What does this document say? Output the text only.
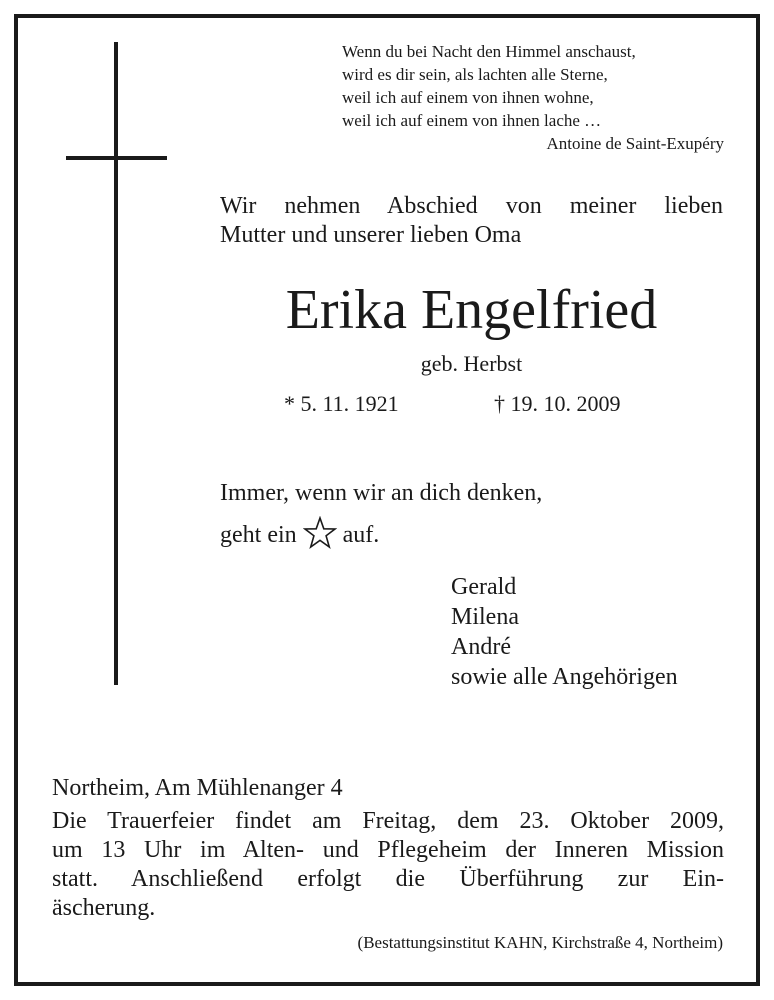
Wenn du bei Nacht den Himmel anschaust,
wird es dir sein, als lachten alle Sterne,
weil ich auf einem von ihnen wohne,
weil ich auf einem von ihnen lache …
Antoine de Saint-Exupéry
Wir nehmen Abschied von meiner lieben
Mutter und unserer lieben Oma
Erika Engelfried
geb. Herbst
* 5. 11. 1921	† 19. 10. 2009
Immer, wenn wir an dich denken,
geht ein auf.
Gerald
Milena
André
sowie alle Angehörigen
Northeim, Am Mühlenanger 4
Die Trauerfeier findet am Freitag, dem 23. Oktober 2009,
um 13 Uhr im Alten- und Pflegeheim der Inneren Mission
statt. Anschließend erfolgt die Überführung zur Ein-
äscherung.
(Bestattungsinstitut KAHN, Kirchstraße 4, Northeim)
